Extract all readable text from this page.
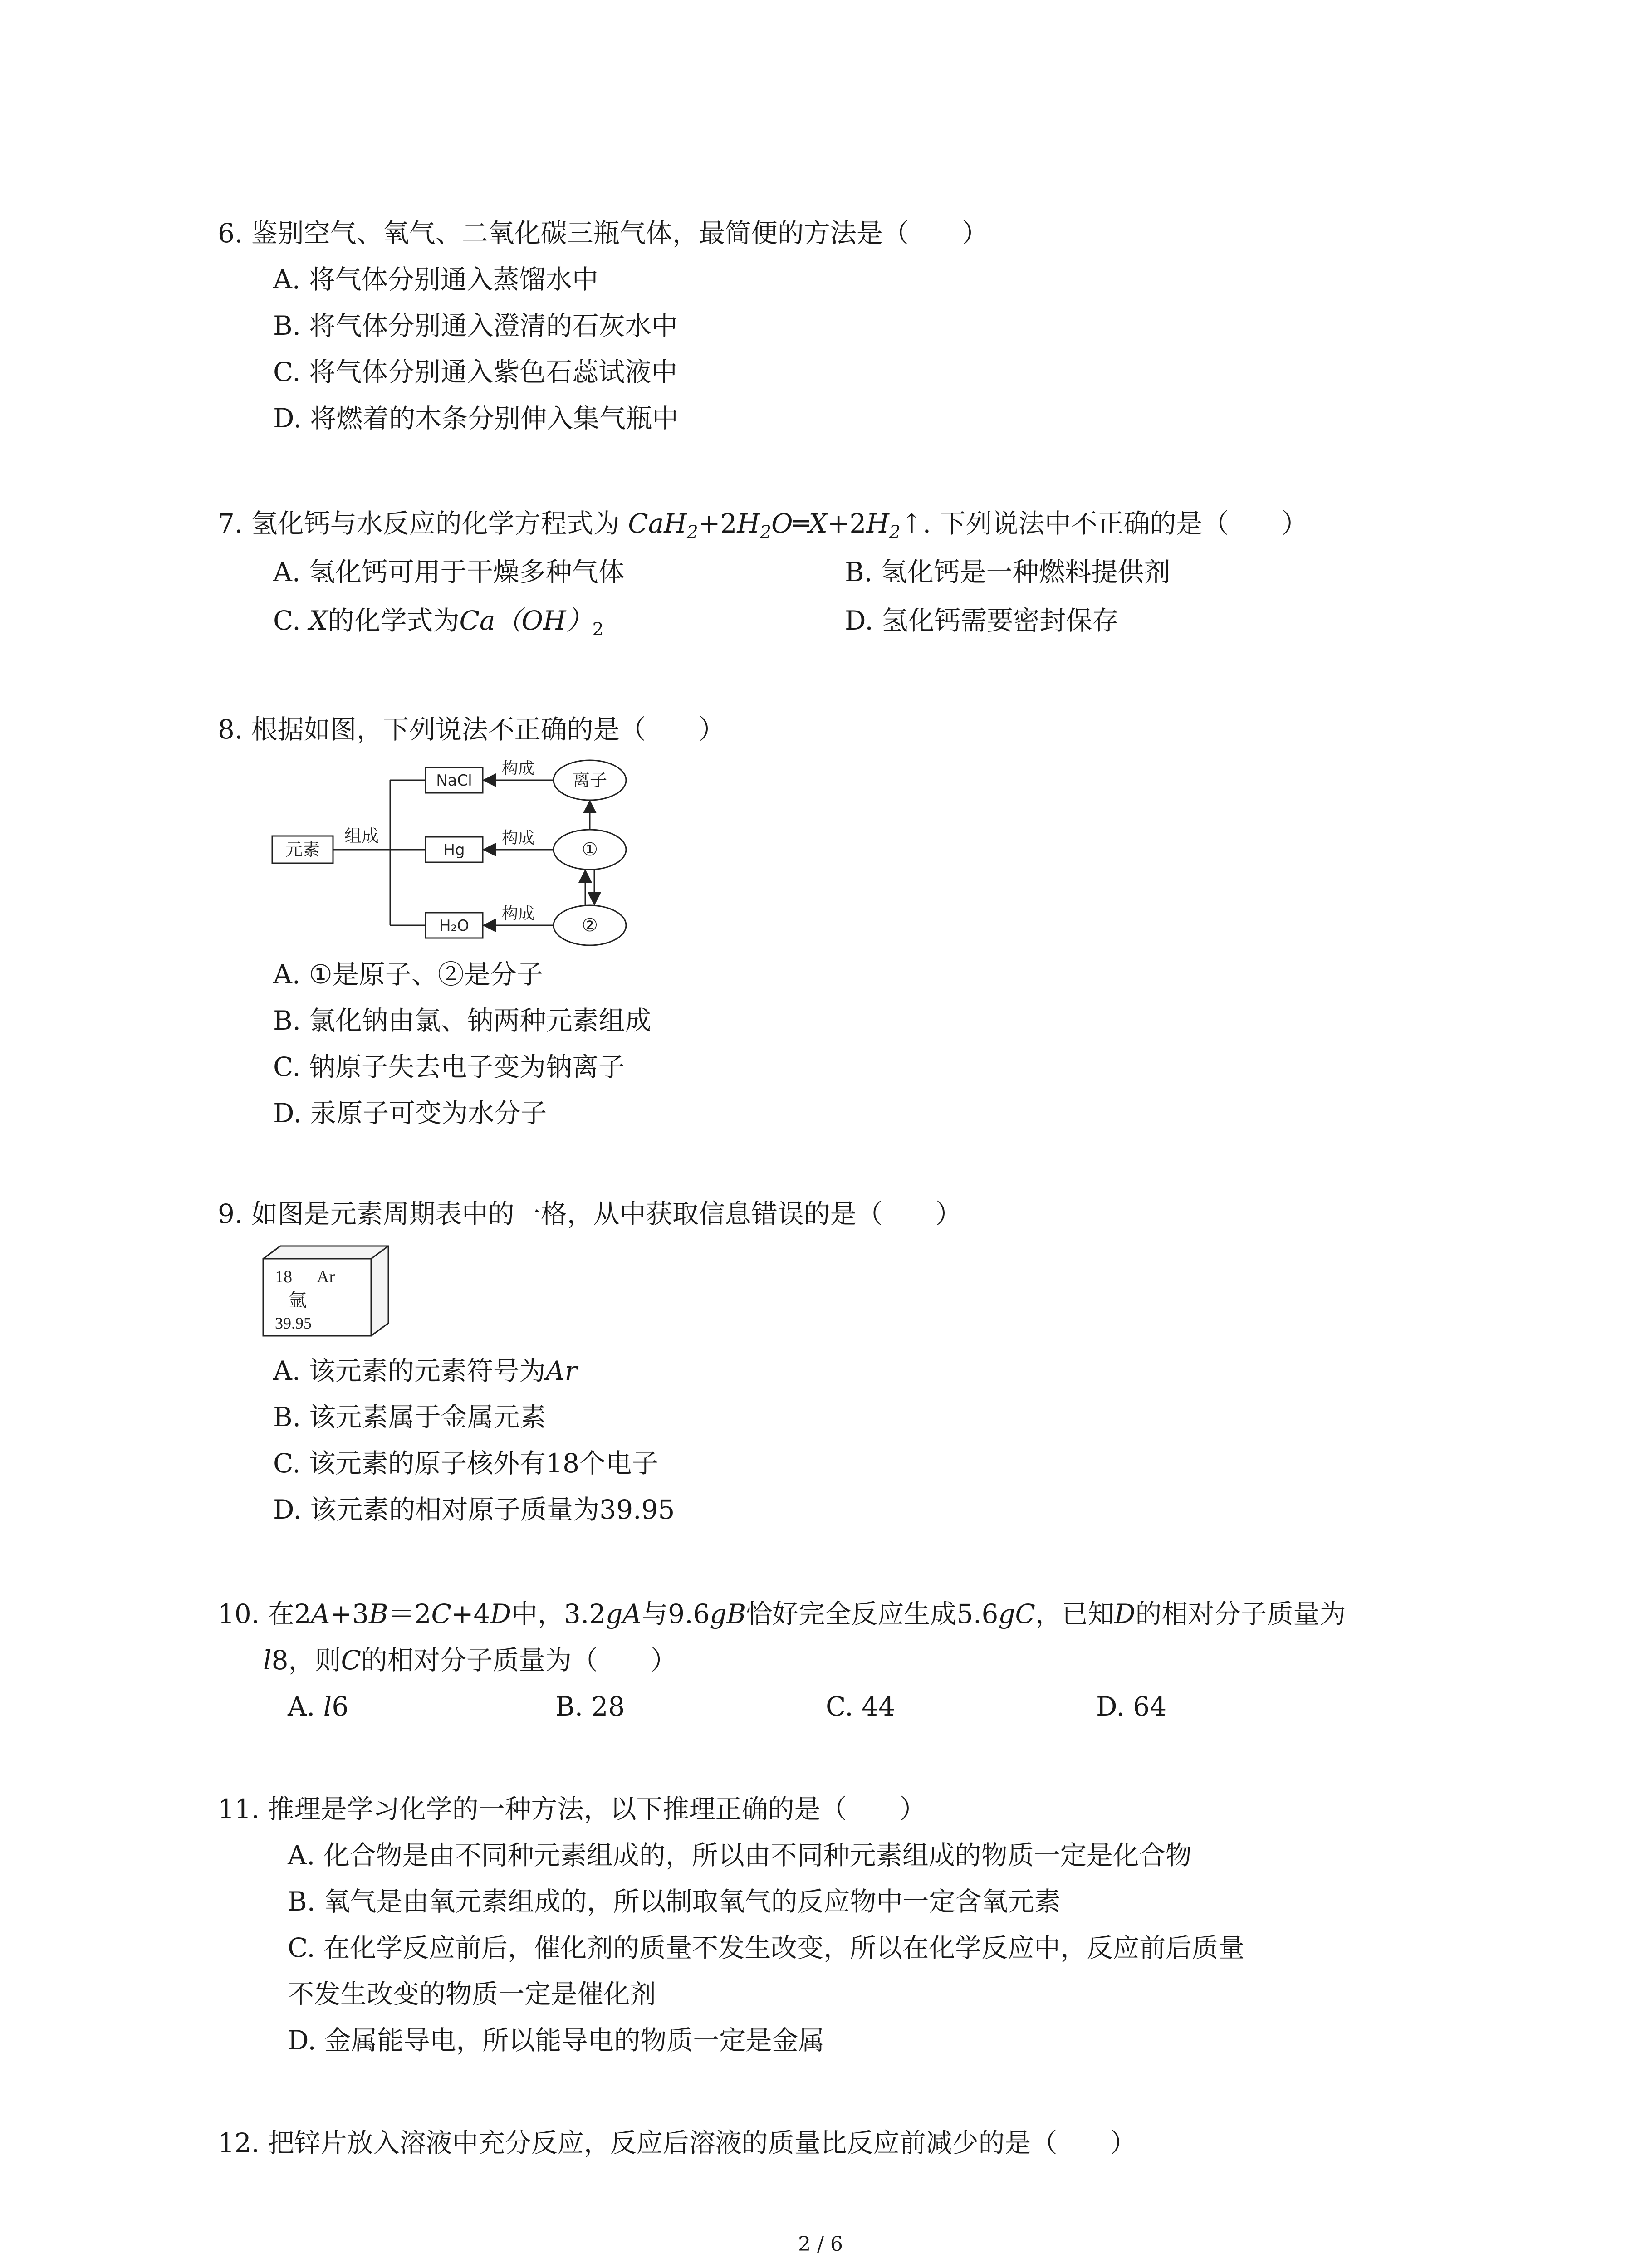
6. 鉴别空气、氧气、二氧化碳三瓶气体，最简便的方法是（　　）
A. 将气体分别通入蒸馏水中
B. 将气体分别通入澄清的石灰水中
C. 将气体分别通入紫色石蕊试液中
D. 将燃着的木条分别伸入集气瓶中
7. 氢化钙与水反应的化学方程式为 $CaH_2+2H_2O═X+2H_2↑$. 下列说法中不正确的是（　　）
A. 氢化钙可用于干燥多种气体	B. 氢化钙是一种燃料提供剂
C. X的化学式为$Ca(OH)_2$	D. 氢化钙需要密封保存
8. 根据如图，下列说法不正确的是（　　）
元素
组成
NaCl
Hg
H₂O
构成
构成
构成
离子
①
②
A. ①是原子、②是分子
B. 氯化钠由氯、钠两种元素组成
C. 钠原子失去电子变为钠离子
D. 汞原子可变为水分子
9. 如图是元素周期表中的一格，从中获取信息错误的是（　　）
18 Ar
氩
39.95
A. 该元素的元素符号为Ar
B. 该元素属于金属元素
C. 该元素的原子核外有18个电子
D. 该元素的相对原子质量为39.95
10. 在2A+3B＝2C+4D中，3.2gA与9.6gB恰好完全反应生成5.6gC，已知D的相对分子质量为
l8，则C的相对分子质量为（　　）
A. l6	B. 28	C. 44	D. 64
11. 推理是学习化学的一种方法，以下推理正确的是（　　）
A. 化合物是由不同种元素组成的，所以由不同种元素组成的物质一定是化合物
B. 氧气是由氧元素组成的，所以制取氧气的反应物中一定含氧元素
C. 在化学反应前后，催化剂的质量不发生改变，所以在化学反应中，反应前后质量
不发生改变的物质一定是催化剂
D. 金属能导电，所以能导电的物质一定是金属
12. 把锌片放入溶液中充分反应，反应后溶液的质量比反应前减少的是（　　）
2 / 6
